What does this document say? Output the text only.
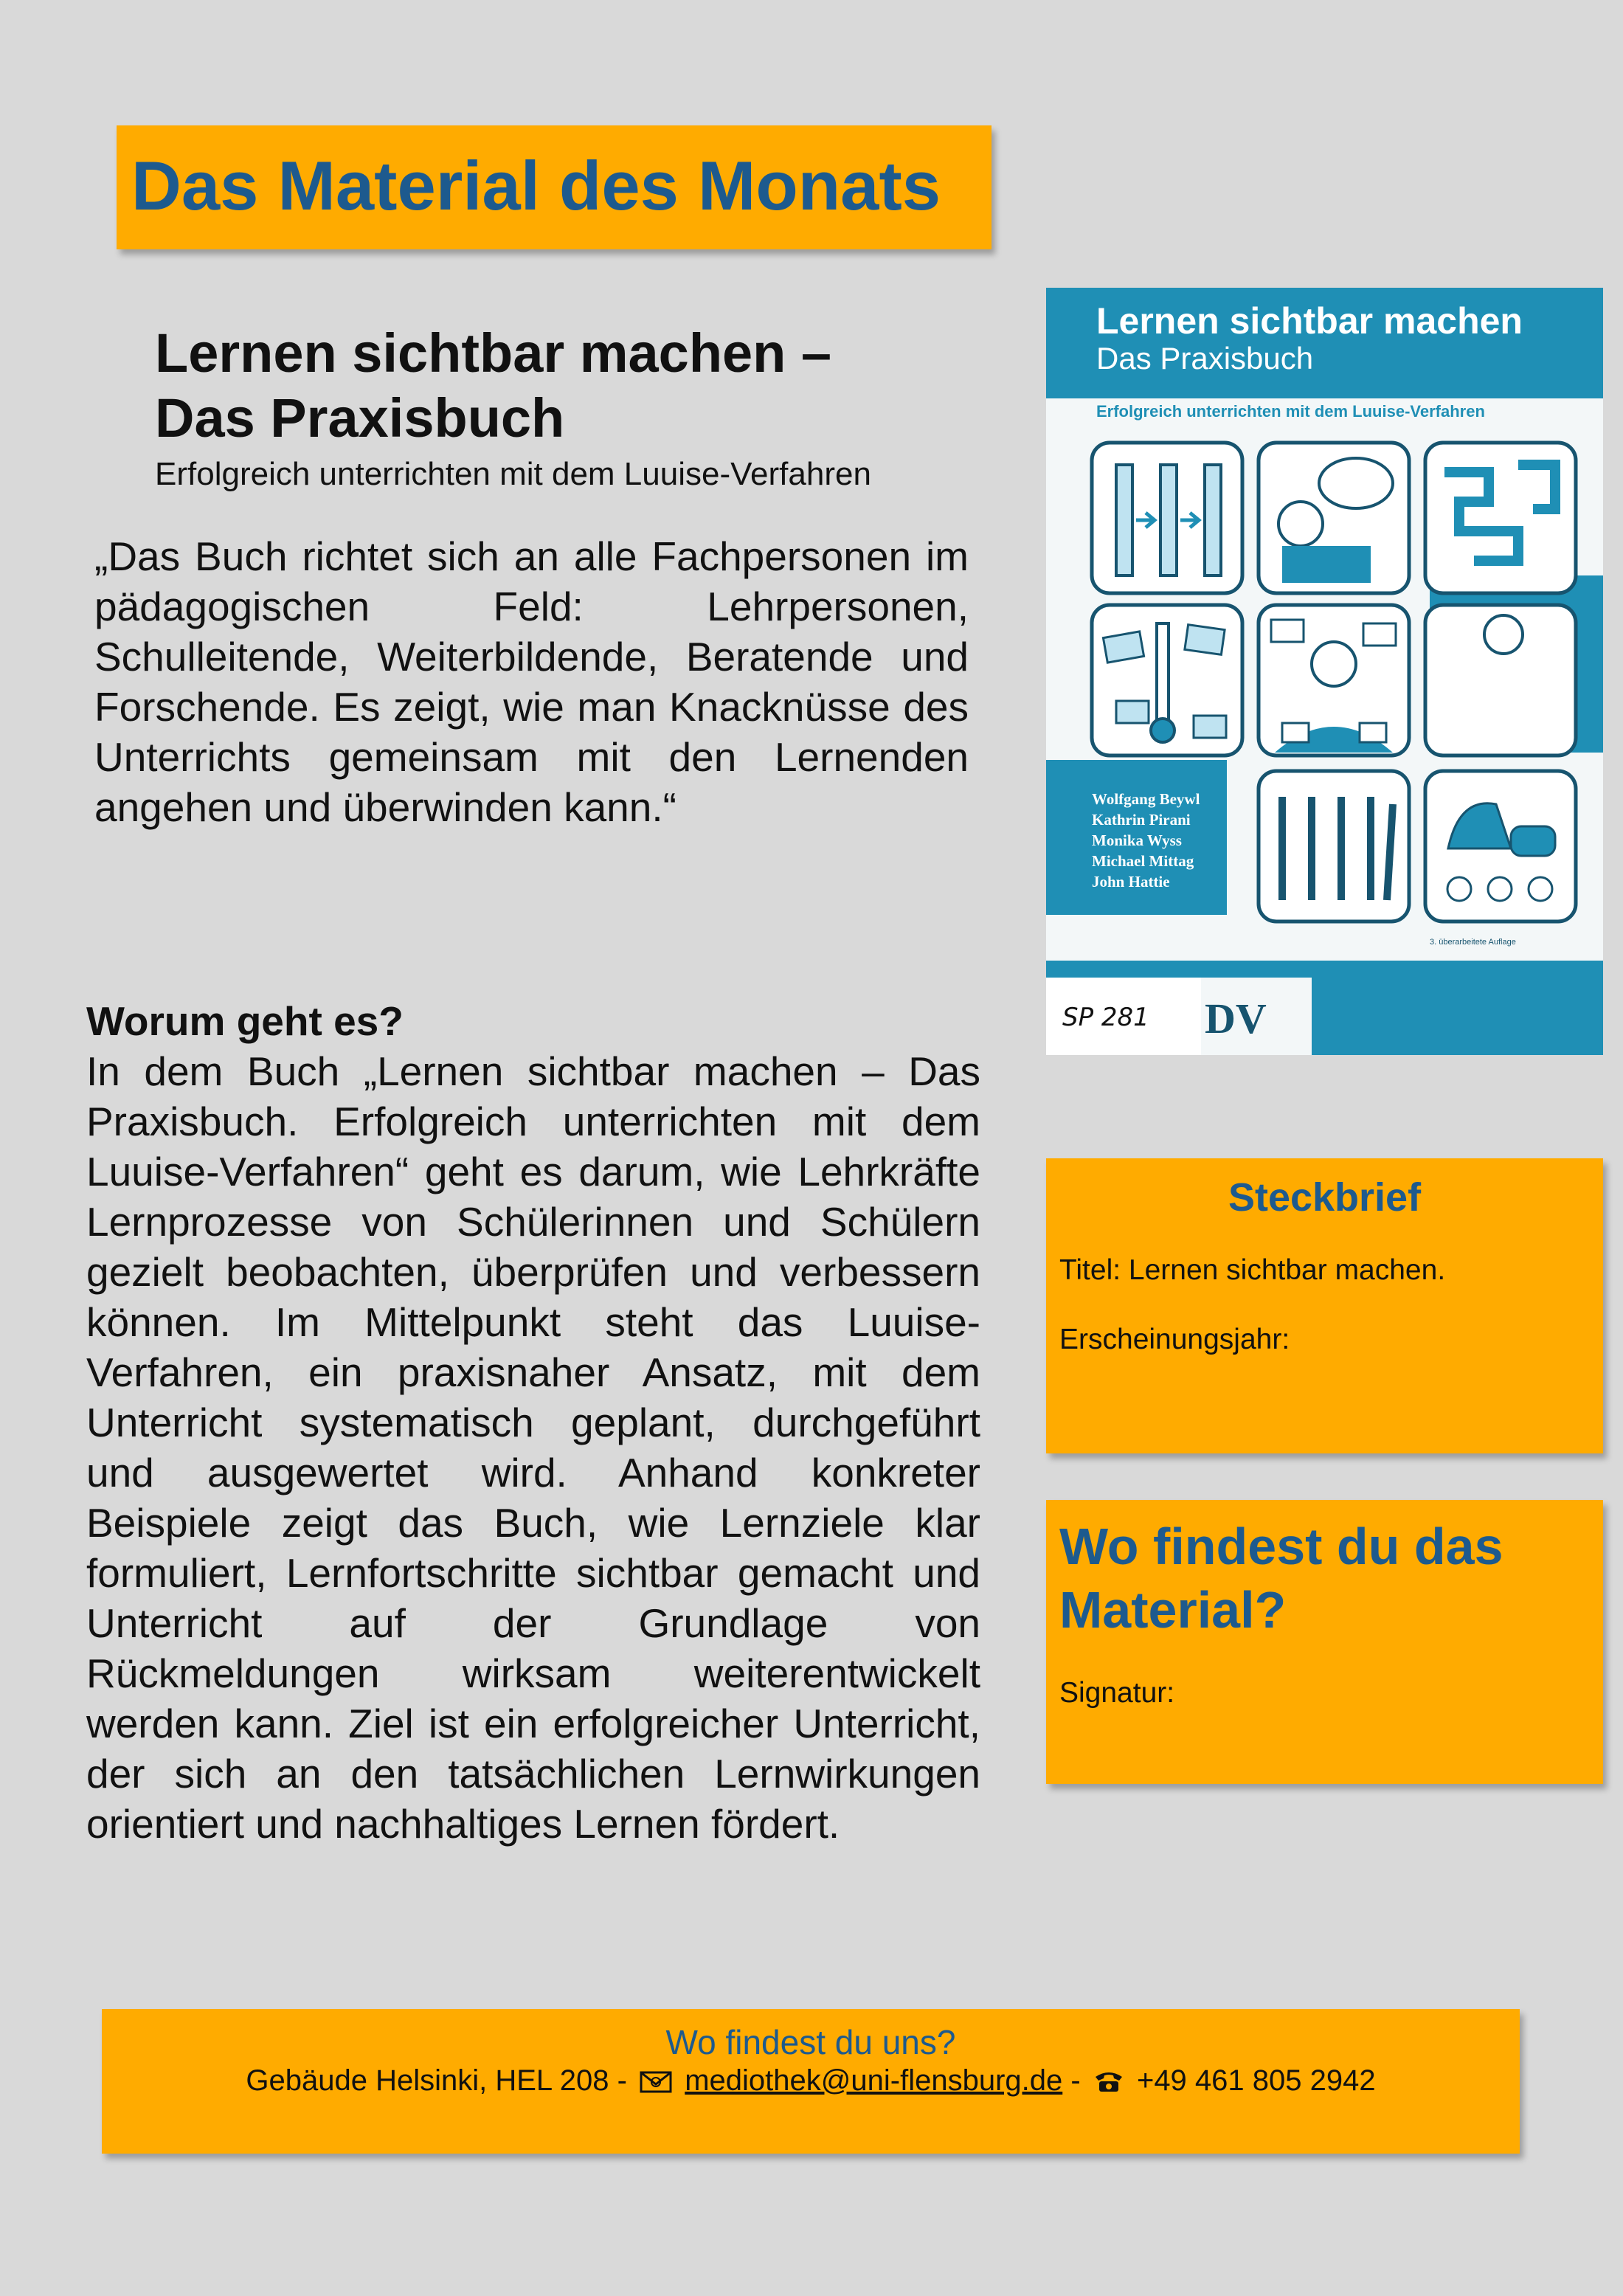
Das Material des Monats
Lernen sichtbar machen –
Das Praxisbuch
Erfolgreich unterrichten mit dem Luuise-Verfahren
„Das Buch richtet sich an alle Fachpersonen im pädagogischen Feld: Lehrpersonen, Schulleitende, Weiterbildende, Beratende und Forschende. Es zeigt, wie man Knacknüsse des Unterrichts gemeinsam mit den Lernenden angehen und überwinden kann.“
Worum geht es?
In dem Buch „Lernen sichtbar machen – Das Praxisbuch. Erfolgreich unterrichten mit dem Luuise-Verfahren“ geht es darum, wie Lehrkräfte Lernprozesse von Schülerinnen und Schülern gezielt beobachten, überprüfen und verbessern können. Im Mittelpunkt steht das Luuise-Verfahren, ein praxisnaher Ansatz, mit dem Unterricht systematisch geplant, durchgeführt und ausgewertet wird. Anhand konkreter Beispiele zeigt das Buch, wie Lernziele klar formuliert, Lernfortschritte sichtbar gemacht und Unterricht auf der Grundlage von Rückmeldungen wirksam weiterentwickelt werden kann. Ziel ist ein erfolgreicher Unterricht, der sich an den tatsächlichen Lernwirkungen orientiert und nachhaltiges Lernen fördert.
Lernen sichtbar machen
Das Praxisbuch
Erfolgreich unterrichten mit dem Luuise-Verfahren
Wolfgang Beywl
Kathrin Pirani
Monika Wyss
Michael Mittag
John Hattie
3. überarbeitete Auflage
SP 281 DV
Steckbrief
Titel: Lernen sichtbar machen.
Erscheinungsjahr:
Wo findest du das Material?
Signatur:
Wo findest du uns?
Gebäude Helsinki, HEL 208 - mediothek@uni-flensburg.de - +49 461 805 2942
